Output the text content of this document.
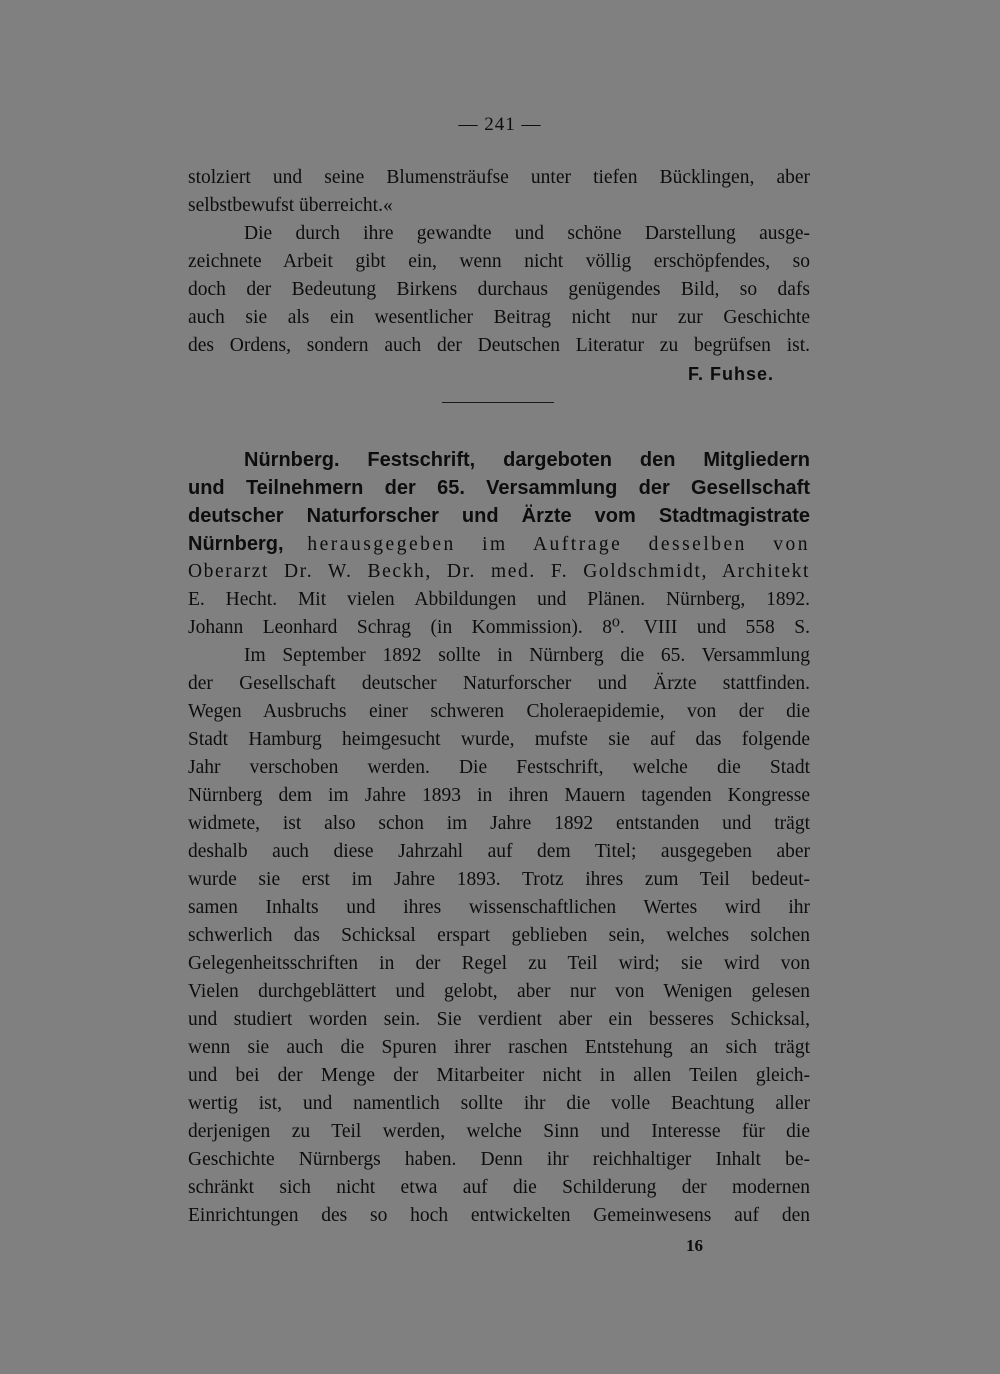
— 241 —
stolziert und seine Blumensträufse unter tiefen Bücklingen, aber
selbstbewufst überreicht.«
Die durch ihre gewandte und schöne Darstellung ausge-
zeichnete Arbeit gibt ein, wenn nicht völlig erschöpfendes, so
doch der Bedeutung Birkens durchaus genügendes Bild, so dafs
auch sie als ein wesentlicher Beitrag nicht nur zur Geschichte
des Ordens, sondern auch der Deutschen Literatur zu begrüfsen ist.
F. Fuhse.
Nürnberg. Festschrift, dargeboten den Mitgliedern
und Teilnehmern der 65. Versammlung der Gesellschaft
deutscher Naturforscher und Ärzte vom Stadtmagistrate
Nürnberg, herausgegeben im Auftrage desselben von
Oberarzt Dr. W. Beckh, Dr. med. F. Goldschmidt, Architekt
E. Hecht. Mit vielen Abbildungen und Plänen. Nürnberg, 1892.
Johann Leonhard Schrag (in Kommission). 8⁰. VIII und 558 S.
Im September 1892 sollte in Nürnberg die 65. Versammlung
der Gesellschaft deutscher Naturforscher und Ärzte stattfinden.
Wegen Ausbruchs einer schweren Choleraepidemie, von der die
Stadt Hamburg heimgesucht wurde, mufste sie auf das folgende
Jahr verschoben werden. Die Festschrift, welche die Stadt
Nürnberg dem im Jahre 1893 in ihren Mauern tagenden Kongresse
widmete, ist also schon im Jahre 1892 entstanden und trägt
deshalb auch diese Jahrzahl auf dem Titel; ausgegeben aber
wurde sie erst im Jahre 1893. Trotz ihres zum Teil bedeut-
samen Inhalts und ihres wissenschaftlichen Wertes wird ihr
schwerlich das Schicksal erspart geblieben sein, welches solchen
Gelegenheitsschriften in der Regel zu Teil wird; sie wird von
Vielen durchgeblättert und gelobt, aber nur von Wenigen gelesen
und studiert worden sein. Sie verdient aber ein besseres Schicksal,
wenn sie auch die Spuren ihrer raschen Entstehung an sich trägt
und bei der Menge der Mitarbeiter nicht in allen Teilen gleich-
wertig ist, und namentlich sollte ihr die volle Beachtung aller
derjenigen zu Teil werden, welche Sinn und Interesse für die
Geschichte Nürnbergs haben. Denn ihr reichhaltiger Inhalt be-
schränkt sich nicht etwa auf die Schilderung der modernen
Einrichtungen des so hoch entwickelten Gemeinwesens auf den
16
